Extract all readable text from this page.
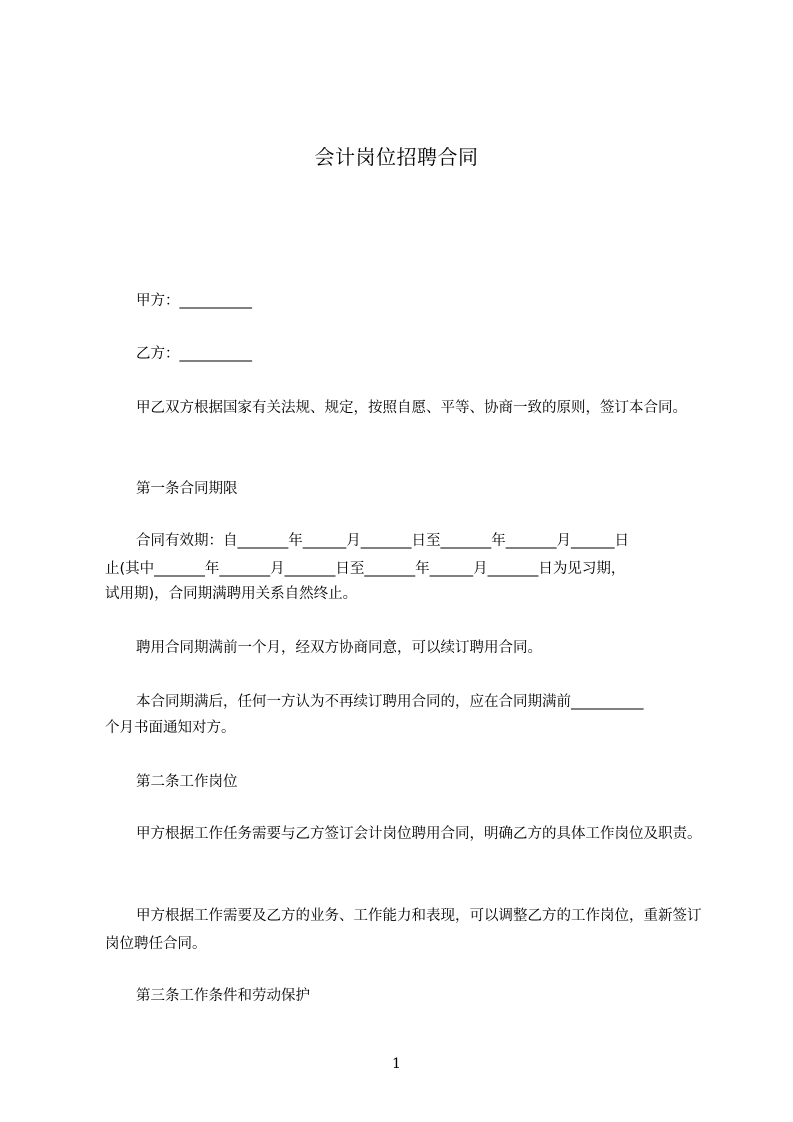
会计岗位招聘合同
甲方：__________
乙方：__________
甲乙双方根据国家有关法规、规定，按照自愿、平等、协商一致的原则，签订本合同。
第一条合同期限
合同有效期：自_______年______月_______日至_______年_______月______日
止(其中_______年_______月_______日至_______年______月_______日为见习期，
试用期)，合同期满聘用关系自然终止。
聘用合同期满前一个月，经双方协商同意，可以续订聘用合同。
本合同期满后，任何一方认为不再续订聘用合同的，应在合同期满前__________
个月书面通知对方。
第二条工作岗位
甲方根据工作任务需要与乙方签订会计岗位聘用合同，明确乙方的具体工作岗位及职责。
甲方根据工作需要及乙方的业务、工作能力和表现，可以调整乙方的工作岗位，重新签订岗位聘任合同。
第三条工作条件和劳动保护
1
